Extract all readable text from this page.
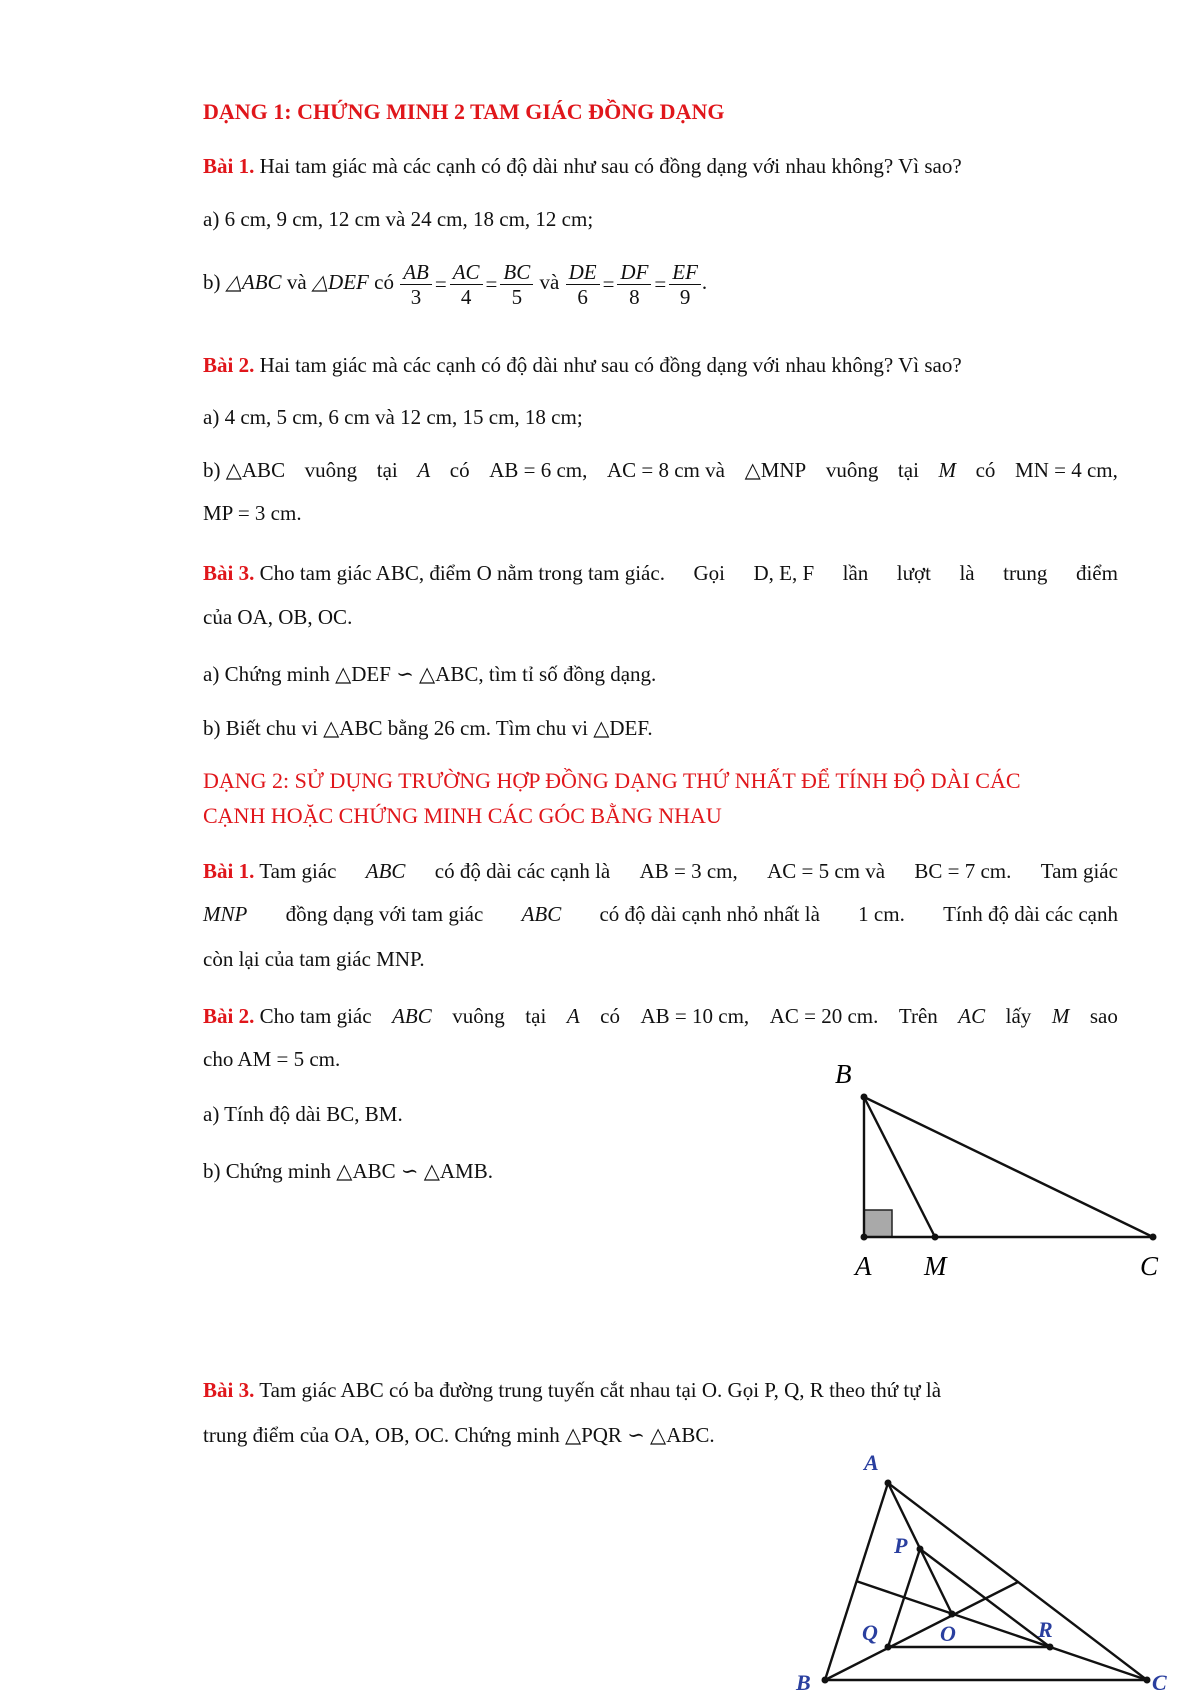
DẠNG 1: CHỨNG MINH 2 TAM GIÁC ĐỒNG DẠNG
Bài 1. Hai tam giác mà các cạnh có độ dài như sau có đồng dạng với nhau không? Vì sao?
a) 6 cm, 9 cm, 12 cm và 24 cm, 18 cm, 12 cm;
b) △ABC và △DEF có $\frac{AB}{3} = \frac{AC}{4} = \frac{BC}{5}$ và $\frac{DE}{6} = \frac{DF}{8} = \frac{EF}{9}$ .
Bài 2. Hai tam giác mà các cạnh có độ dài như sau có đồng dạng với nhau không? Vì sao?
a) 4 cm, 5 cm, 6 cm và 12 cm, 15 cm, 18 cm;
b) △ABC vuông tại A có AB = 6 cm, AC = 8 cm và △MNP vuông tại M có MN = 4 cm,
MP = 3 cm.
Bài 3. Cho tam giác ABC, điểm O nằm trong tam giác. Gọi D, E, F lần lượt là trung điểm
của OA, OB, OC.
a) Chứng minh △DEF ∽ △ABC, tìm tỉ số đồng dạng.
b) Biết chu vi △ABC bằng 26 cm. Tìm chu vi △DEF.
DẠNG 2: SỬ DỤNG TRƯỜNG HỢP ĐỒNG DẠNG THỨ NHẤT ĐỂ TÍNH ĐỘ DÀI CÁC
CẠNH HOẶC CHỨNG MINH CÁC GÓC BẰNG NHAU
Bài 1. Tam giác ABC có độ dài các cạnh là AB = 3 cm, AC = 5 cm và BC = 7 cm. Tam giác
MNP đồng dạng với tam giác ABC có độ dài cạnh nhỏ nhất là 1 cm. Tính độ dài các cạnh
còn lại của tam giác MNP.
Bài 2. Cho tam giác ABC vuông tại A có AB = 10 cm, AC = 20 cm. Trên AC lấy M sao
cho AM = 5 cm.
a) Tính độ dài BC, BM.
b) Chứng minh △ABC ∽ △AMB.
B
A M	C
Bài 3. Tam giác ABC có ba đường trung tuyến cắt nhau tại O. Gọi P, Q, R theo thứ tự là
trung điểm của OA, OB, OC. Chứng minh △PQR ∽ △ABC.
A
B	C
P
Q	R
O
